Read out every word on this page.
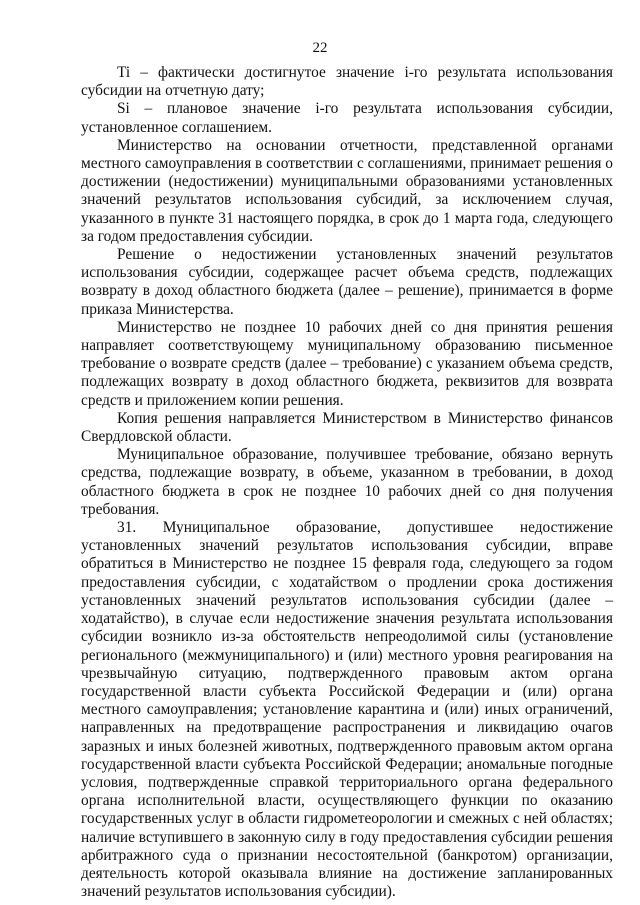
22

Ti – фактически достигнутое значение i-го результата использования субсидии на отчетную дату;

Si – плановое значение i-го результата использования субсидии, установленное соглашением.

Министерство на основании отчетности, представленной органами местного самоуправления в соответствии с соглашениями, принимает решения о достижении (недостижении) муниципальными образованиями установленных значений результатов использования субсидий, за исключением случая, указанного в пункте 31 настоящего порядка, в срок до 1 марта года, следующего за годом предоставления субсидии.

Решение о недостижении установленных значений результатов использования субсидии, содержащее расчет объема средств, подлежащих возврату в доход областного бюджета (далее – решение), принимается в форме приказа Министерства.

Министерство не позднее 10 рабочих дней со дня принятия решения направляет соответствующему муниципальному образованию письменное требование о возврате средств (далее – требование) с указанием объема средств, подлежащих возврату в доход областного бюджета, реквизитов для возврата средств и приложением копии решения.

Копия решения направляется Министерством в Министерство финансов Свердловской области.

Муниципальное образование, получившее требование, обязано вернуть средства, подлежащие возврату, в объеме, указанном в требовании, в доход областного бюджета в срок не позднее 10 рабочих дней со дня получения требования.

31. Муниципальное образование, допустившее недостижение установленных значений результатов использования субсидии, вправе обратиться в Министерство не позднее 15 февраля года, следующего за годом предоставления субсидии, с ходатайством о продлении срока достижения установленных значений результатов использования субсидии (далее – ходатайство), в случае если недостижение значения результата использования субсидии возникло из-за обстоятельств непреодолимой силы (установление регионального (межмуниципального) и (или) местного уровня реагирования на чрезвычайную ситуацию, подтвержденного правовым актом органа государственной власти субъекта Российской Федерации и (или) органа местного самоуправления; установление карантина и (или) иных ограничений, направленных на предотвращение распространения и ликвидацию очагов заразных и иных болезней животных, подтвержденного правовым актом органа государственной власти субъекта Российской Федерации; аномальные погодные условия, подтвержденные справкой территориального органа федерального органа исполнительной власти, осуществляющего функции по оказанию государственных услуг в области гидрометеорологии и смежных с ней областях; наличие вступившего в законную силу в году предоставления субсидии решения арбитражного суда о признании несостоятельной (банкротом) организации, деятельность которой оказывала влияние на достижение запланированных значений результатов использования субсидии).
